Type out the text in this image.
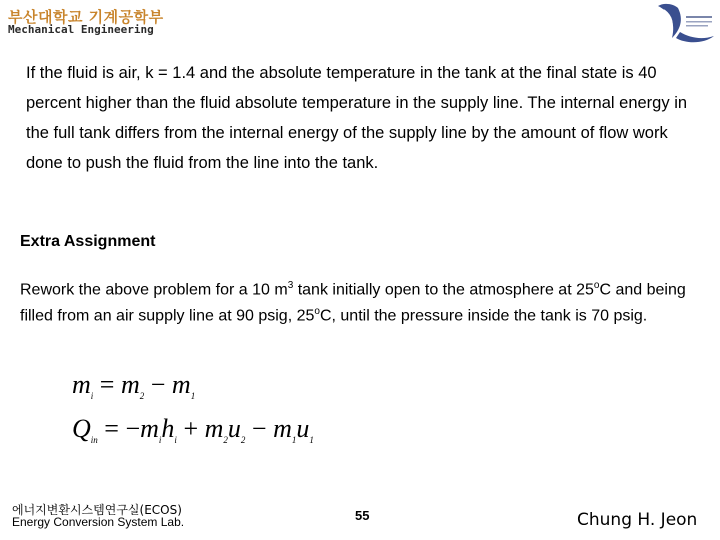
부산대학교 기계공학부
Mechanical Engineering
If the fluid is air, k = 1.4 and the absolute temperature in the tank at the final state is 40 percent higher than the fluid absolute temperature in the supply line. The internal energy in the full tank differs from the internal energy of the supply line by the amount of flow work done to push the fluid from the line into the tank.
Extra Assignment
Rework the above problem for a 10 $m^3$ tank initially open to the atmosphere at 25$^o$C and being filled from an air supply line at 90 psig, 25$^o$C, until the pressure inside the tank is 70 psig.
$m_i = m_2 - m_1$
$Q_{in} = -m_ih_i + m_2u_2 - m_1u_1$
에너지변환시스템연구실(ECOS)
Energy Conversion System Lab.	55	Chung H. Jeon
